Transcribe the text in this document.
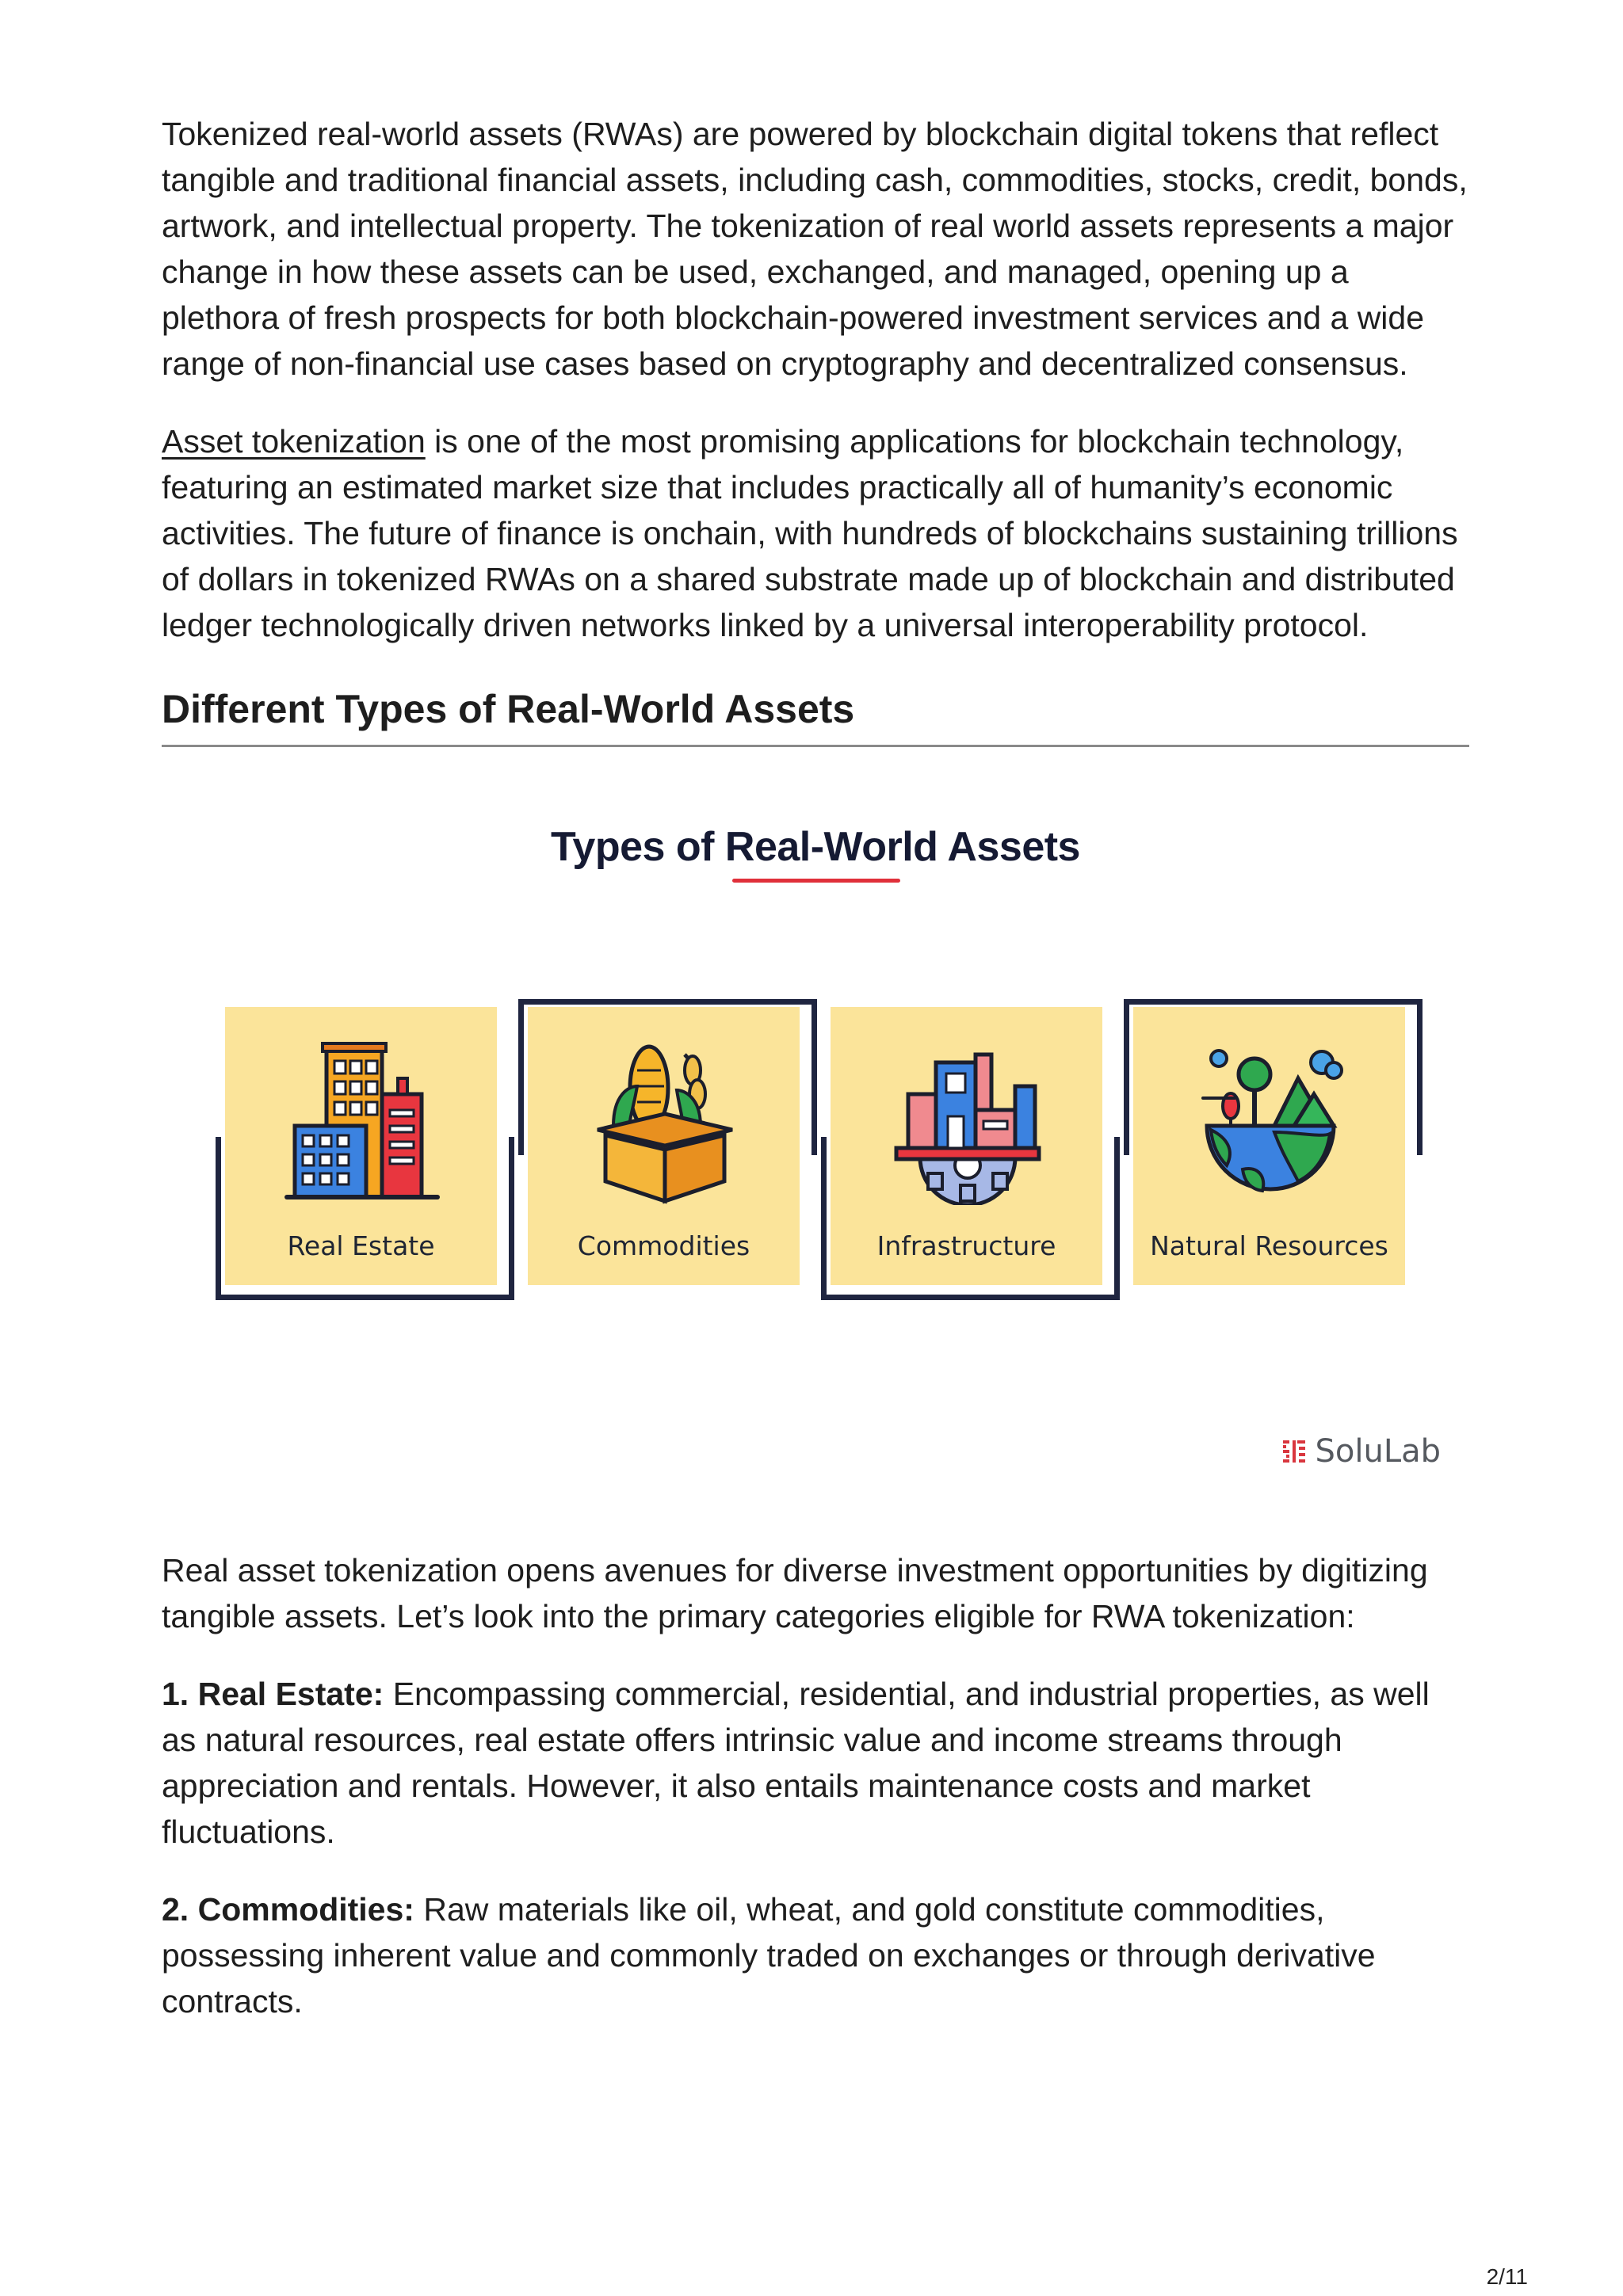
Tokenized real-world assets (RWAs) are powered by blockchain digital tokens that reflect tangible and traditional financial assets, including cash, commodities, stocks, credit, bonds, artwork, and intellectual property. The tokenization of real world assets represents a major change in how these assets can be used, exchanged, and managed, opening up a plethora of fresh prospects for both blockchain-powered investment services and a wide range of non-financial use cases based on cryptography and decentralized consensus.

Asset tokenization is one of the most promising applications for blockchain technology, featuring an estimated market size that includes practically all of humanity’s economic activities. The future of finance is onchain, with hundreds of blockchains sustaining trillions of dollars in tokenized RWAs on a shared substrate made up of blockchain and distributed ledger technologically driven networks linked by a universal interoperability protocol.

Different Types of Real-World Assets
Types of Real-World Assets
Real Estate	Commodities	Infrastructure	Natural Resources
SoluLab

Real asset tokenization opens avenues for diverse investment opportunities by digitizing tangible assets. Let’s look into the primary categories eligible for RWA tokenization:

1. Real Estate: Encompassing commercial, residential, and industrial properties, as well as natural resources, real estate offers intrinsic value and income streams through appreciation and rentals. However, it also entails maintenance costs and market fluctuations.

2. Commodities: Raw materials like oil, wheat, and gold constitute commodities, possessing inherent value and commonly traded on exchanges or through derivative contracts.

2/11
